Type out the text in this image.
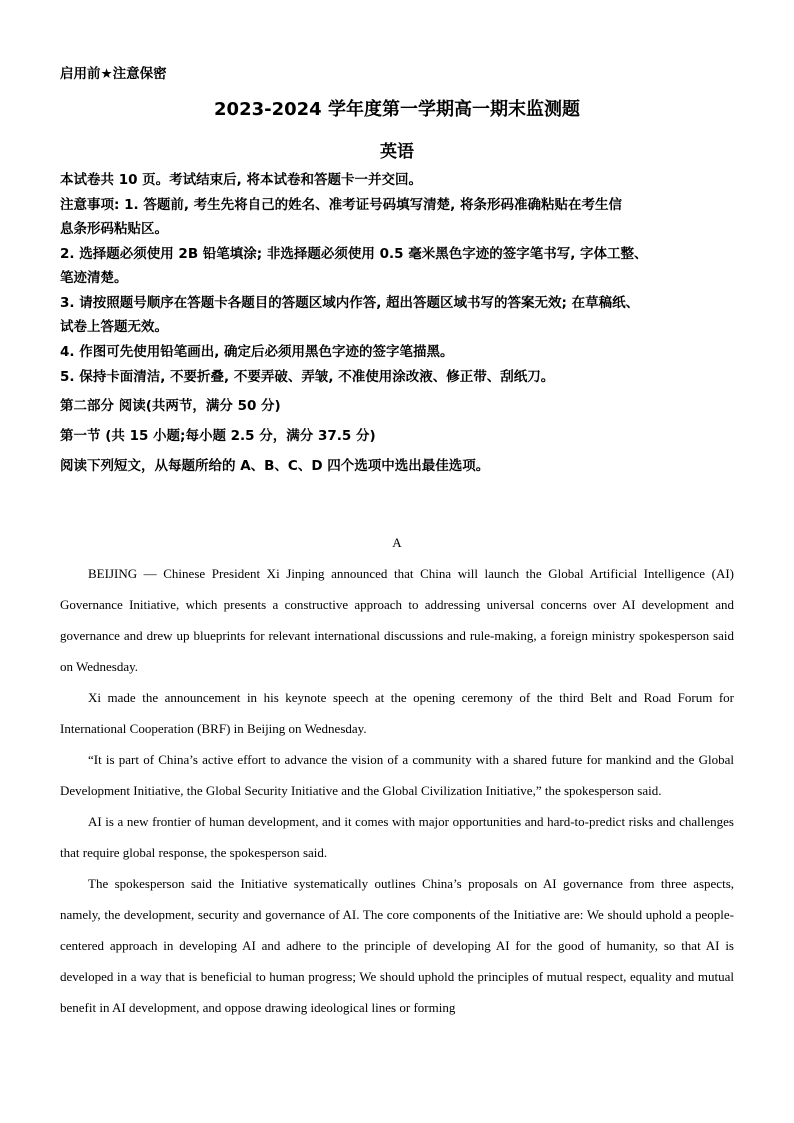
启用前★注意保密
2023-2024 学年度第一学期高一期末监测题
英语
本试卷共 10 页。考试结束后, 将本试卷和答题卡一并交回。
注意事项: 1. 答题前, 考生先将自己的姓名、准考证号码填写清楚, 将条形码准确粘贴在考生信
息条形码粘贴区。
2. 选择题必须使用 2B 铅笔填涂; 非选择题必须使用 0.5 毫米黑色字迹的签字笔书写, 字体工整、
笔迹清楚。
3. 请按照题号顺序在答题卡各题目的答题区域内作答, 超出答题区域书写的答案无效; 在草稿纸、
试卷上答题无效。
4. 作图可先使用铅笔画出, 确定后必须用黑色字迹的签字笔描黑。
5. 保持卡面清洁, 不要折叠, 不要弄破、弄皱, 不准使用涂改液、修正带、刮纸刀。
第二部分 阅读(共两节，满分 50 分)
第一节 (共 15 小题;每小题 2.5 分，满分 37.5 分)
阅读下列短文，从每题所给的 A、B、C、D 四个选项中选出最佳选项。
A

BEIJING — Chinese President Xi Jinping announced that China will launch the Global Artificial Intelligence (AI) Governance Initiative, which presents a constructive approach to addressing universal concerns over AI development and governance and drew up blueprints for relevant international discussions and rule-making, a foreign ministry spokesperson said on Wednesday.

Xi made the announcement in his keynote speech at the opening ceremony of the third Belt and Road Forum for International Cooperation (BRF) in Beijing on Wednesday.

“It is part of China’s active effort to advance the vision of a community with a shared future for mankind and the Global Development Initiative, the Global Security Initiative and the Global Civilization Initiative,” the spokesperson said.

AI is a new frontier of human development, and it comes with major opportunities and hard-to-predict risks and challenges that require global response, the spokesperson said.

The spokesperson said the Initiative systematically outlines China’s proposals on AI governance from three aspects, namely, the development, security and governance of AI. The core components of the Initiative are: We should uphold a people-centered approach in developing AI and adhere to the principle of developing AI for the good of humanity, so that AI is developed in a way that is beneficial to human progress; We should uphold the principles of mutual respect, equality and mutual benefit in AI development, and oppose drawing ideological lines or forming
